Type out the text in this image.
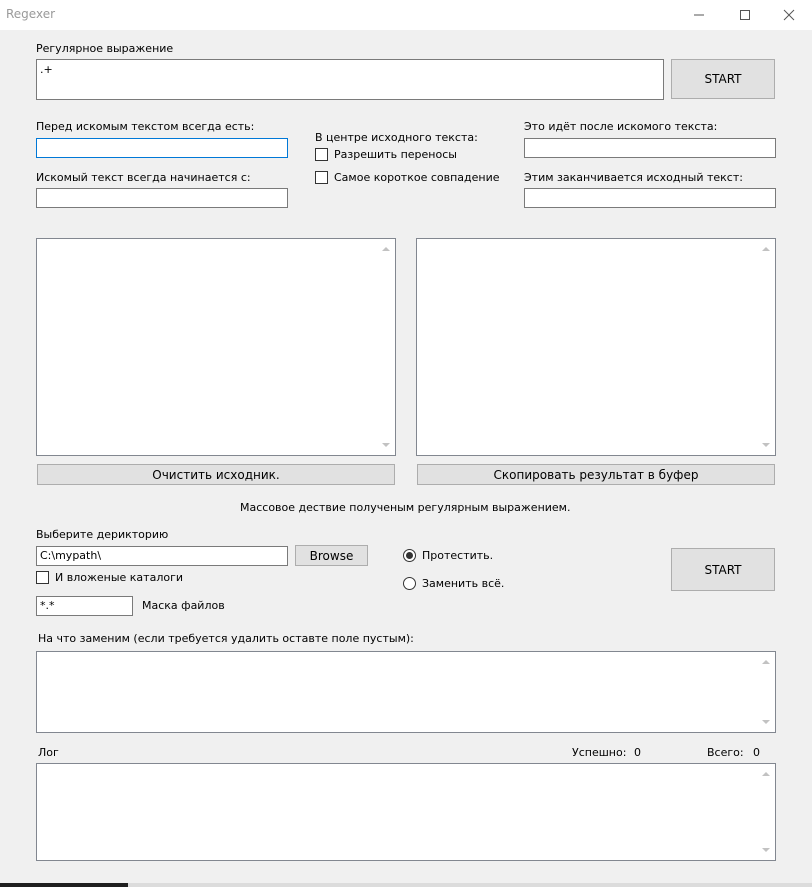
Regexer
Регулярное выражение
.+
START
Перед искомым текстом всегда есть:
Искомый текст всегда начинается с:
В центре исходного текста:
Разрешить переносы
Самое короткое совпадение
Это идёт после искомого текста:
Этим заканчивается исходный текст:
Очистить исходник.	Скопировать результат в буфер
Массовое дествие полученым регулярным выражением.
Выберите дерикторию
C:\mypath\	Browse
И вложеные каталоги
*.*	Маска файлов
Протестить.
Заменить всё.
START
На что заменим (если требуется удалить оставте поле пустым):
Лог	Успешно: 0	Всего: 0
